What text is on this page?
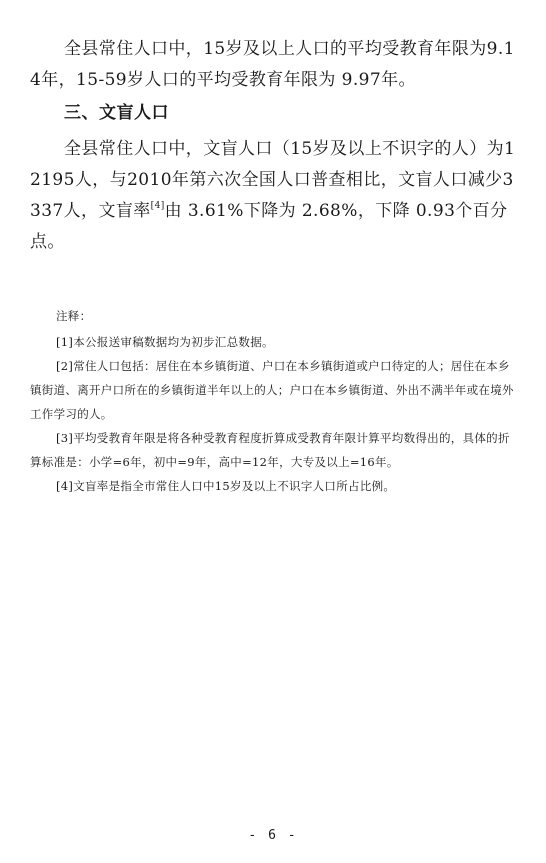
全县常住人口中，15岁及以上人口的平均受教育年限为9.14年，15-59岁人口的平均受教育年限为 9.97年。

三、文盲人口

全县常住人口中，文盲人口（15岁及以上不识字的人）为12195人，与2010年第六次全国人口普查相比，文盲人口减少3337人，文盲率[4]由 3.61%下降为 2.68%，下降 0.93个百分点。

注释：

[1]本公报送审稿数据均为初步汇总数据。

[2]常住人口包括：居住在本乡镇街道、户口在本乡镇街道或户口待定的人；居住在本乡镇街道、离开户口所在的乡镇街道半年以上的人；户口在本乡镇街道、外出不满半年或在境外工作学习的人。

[3]平均受教育年限是将各种受教育程度折算成受教育年限计算平均数得出的，具体的折算标准是：小学=6年，初中=9年，高中=12年，大专及以上=16年。

[4]文盲率是指全市常住人口中15岁及以上不识字人口所占比例。

- 6 -
